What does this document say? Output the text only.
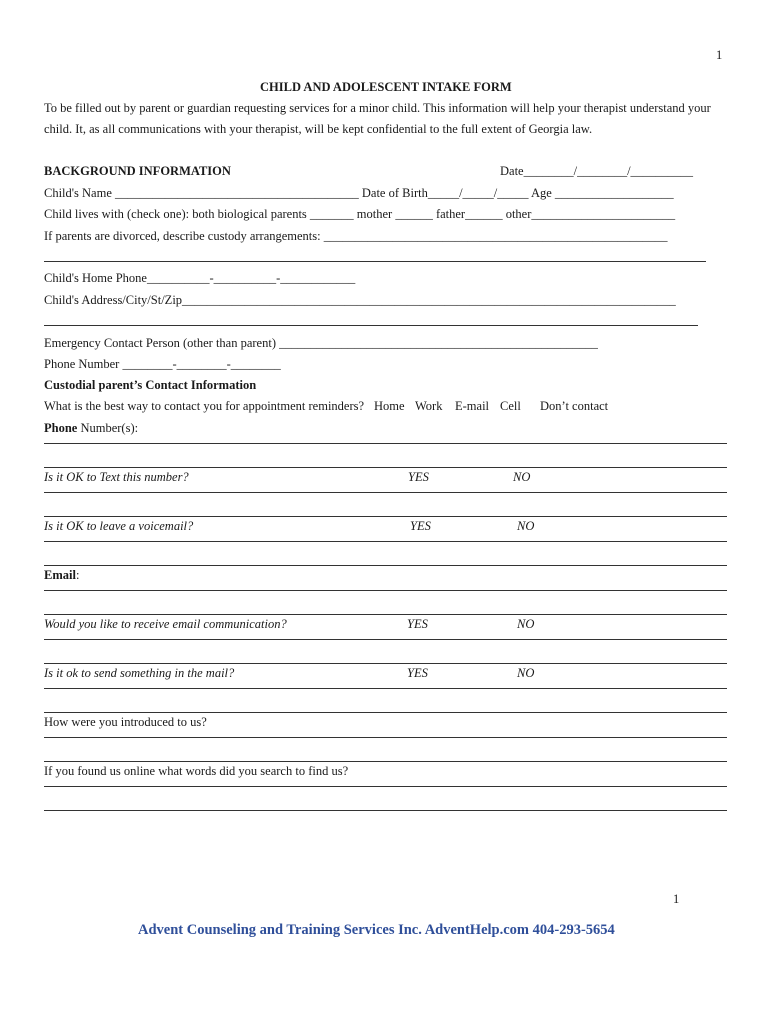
1
CHILD AND ADOLESCENT INTAKE FORM
To be filled out by parent or guardian requesting services for a minor child. This information will help your therapist understand your
child. It, as all communications with your therapist, will be kept confidential to the full extent of Georgia law.
BACKGROUND INFORMATION	Date________/________/__________
Child's Name _______________________________________ Date of Birth_____/_____/_____ Age ___________________
Child lives with (check one): both biological parents _______ mother ______ father______ other_______________________
If parents are divorced, describe custody arrangements: _______________________________________________________
Child's Home Phone__________-__________-____________
Child's Address/City/St/Zip_______________________________________________________________________________
Emergency Contact Person (other than parent) ___________________________________________________
Phone Number ________-________-________
Custodial parent’s Contact Information
What is the best way to contact you for appointment reminders? Home Work E-mail Cell Don’t contact
Phone Number(s):
Is it OK to Text this number?	YES	NO
Is it OK to leave a voicemail?	YES	NO
Email:
Would you like to receive email communication?	YES	NO
Is it ok to send something in the mail?	YES	NO
How were you introduced to us?
If you found us online what words did you search to find us?
1
Advent Counseling and Training Services Inc. AdventHelp.com 404-293-5654
